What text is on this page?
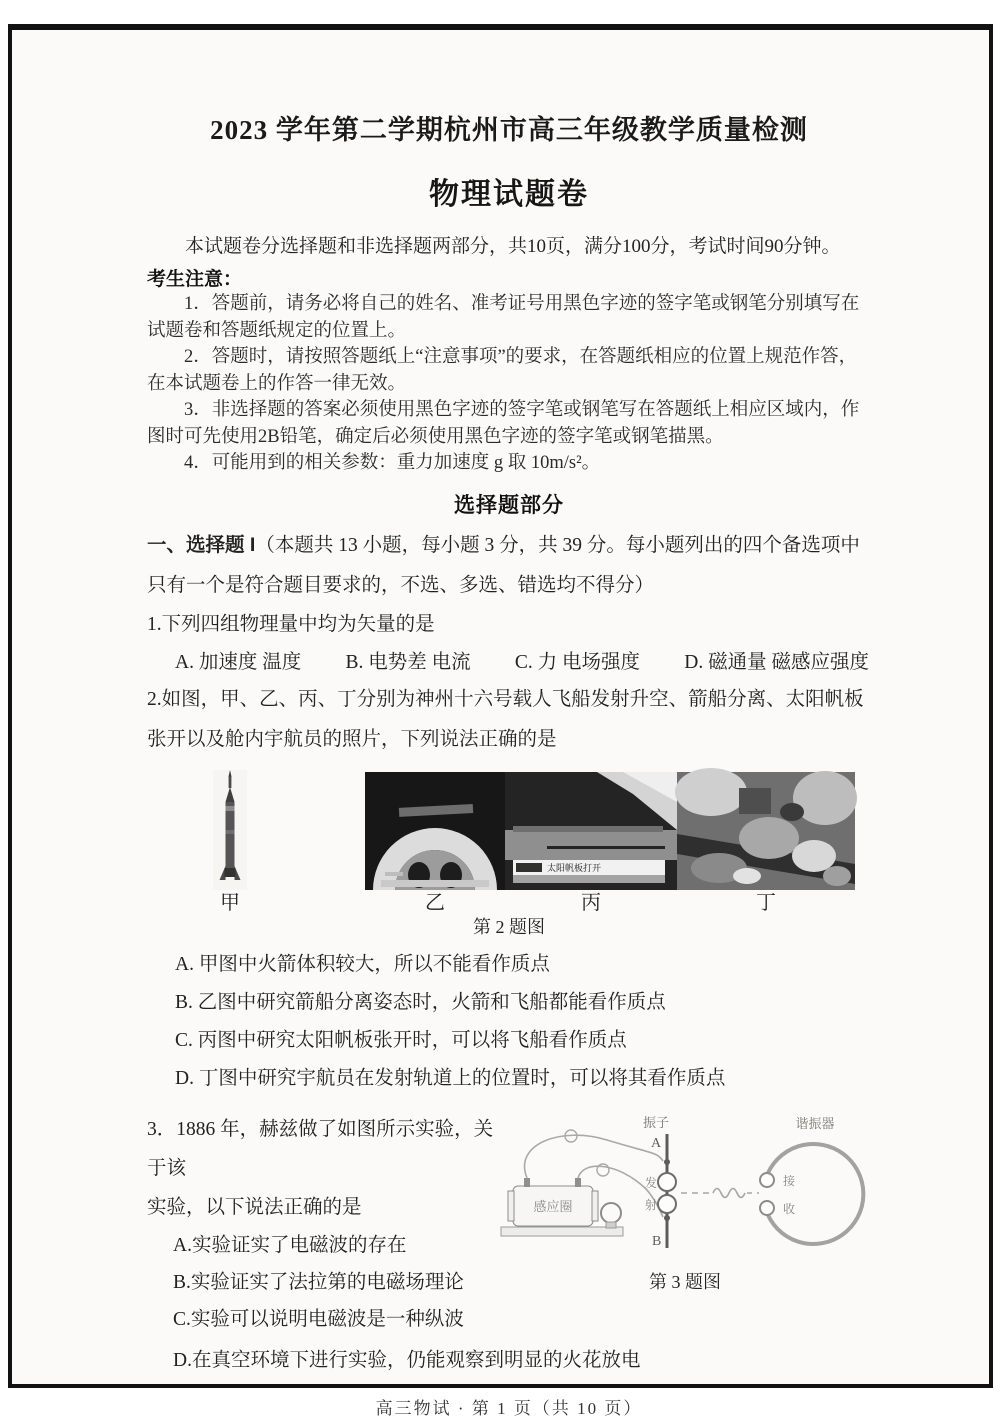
2023 学年第二学期杭州市高三年级教学质量检测
物理试题卷

本试题卷分选择题和非选择题两部分，共10页，满分100分，考试时间90分钟。

考生注意：

1．答题前，请务必将自己的姓名、准考证号用黑色字迹的签字笔或钢笔分别填写在试题卷和答题纸规定的位置上。

2．答题时，请按照答题纸上“注意事项”的要求，在答题纸相应的位置上规范作答，在本试题卷上的作答一律无效。

3．非选择题的答案必须使用黑色字迹的签字笔或钢笔写在答题纸上相应区域内，作图时可先使用2B铅笔，确定后必须使用黑色字迹的签字笔或钢笔描黑。

4．可能用到的相关参数：重力加速度 g 取 10m/s²。

选择题部分

一、选择题 I（本题共 13 小题，每小题 3 分，共 39 分。每小题列出的四个备选项中只有一个是符合题目要求的，不选、多选、错选均不得分）

1.下列四组物理量中均为矢量的是

A. 加速度 温度 B. 电势差 电流 C. 力 电场强度 D. 磁通量 磁感应强度

2.如图，甲、乙、丙、丁分别为神州十六号载人飞船发射升空、箭船分离、太阳帆板张开以及舱内宇航员的照片，下列说法正确的是

甲	乙
太阳帆板打开
丙	丁
第 2 题图

A. 甲图中火箭体积较大，所以不能看作质点

B. 乙图中研究箭船分离姿态时，火箭和飞船都能看作质点

C. 丙图中研究太阳帆板张开时，可以将飞船看作质点

D. 丁图中研究宇航员在发射轨道上的位置时，可以将其看作质点

3．1886 年，赫兹做了如图所示实验，关于该

实验，以下说法正确的是

A.实验证实了电磁波的存在

B.实验证实了法拉第的电磁场理论

C.实验可以说明电磁波是一种纵波

感应圈
振子
A
发
射
B
接
收
谐振器
第 3 题图

D.在真空环境下进行实验，仍能观察到明显的火花放电

高三物试 · 第 1 页（共 10 页）
